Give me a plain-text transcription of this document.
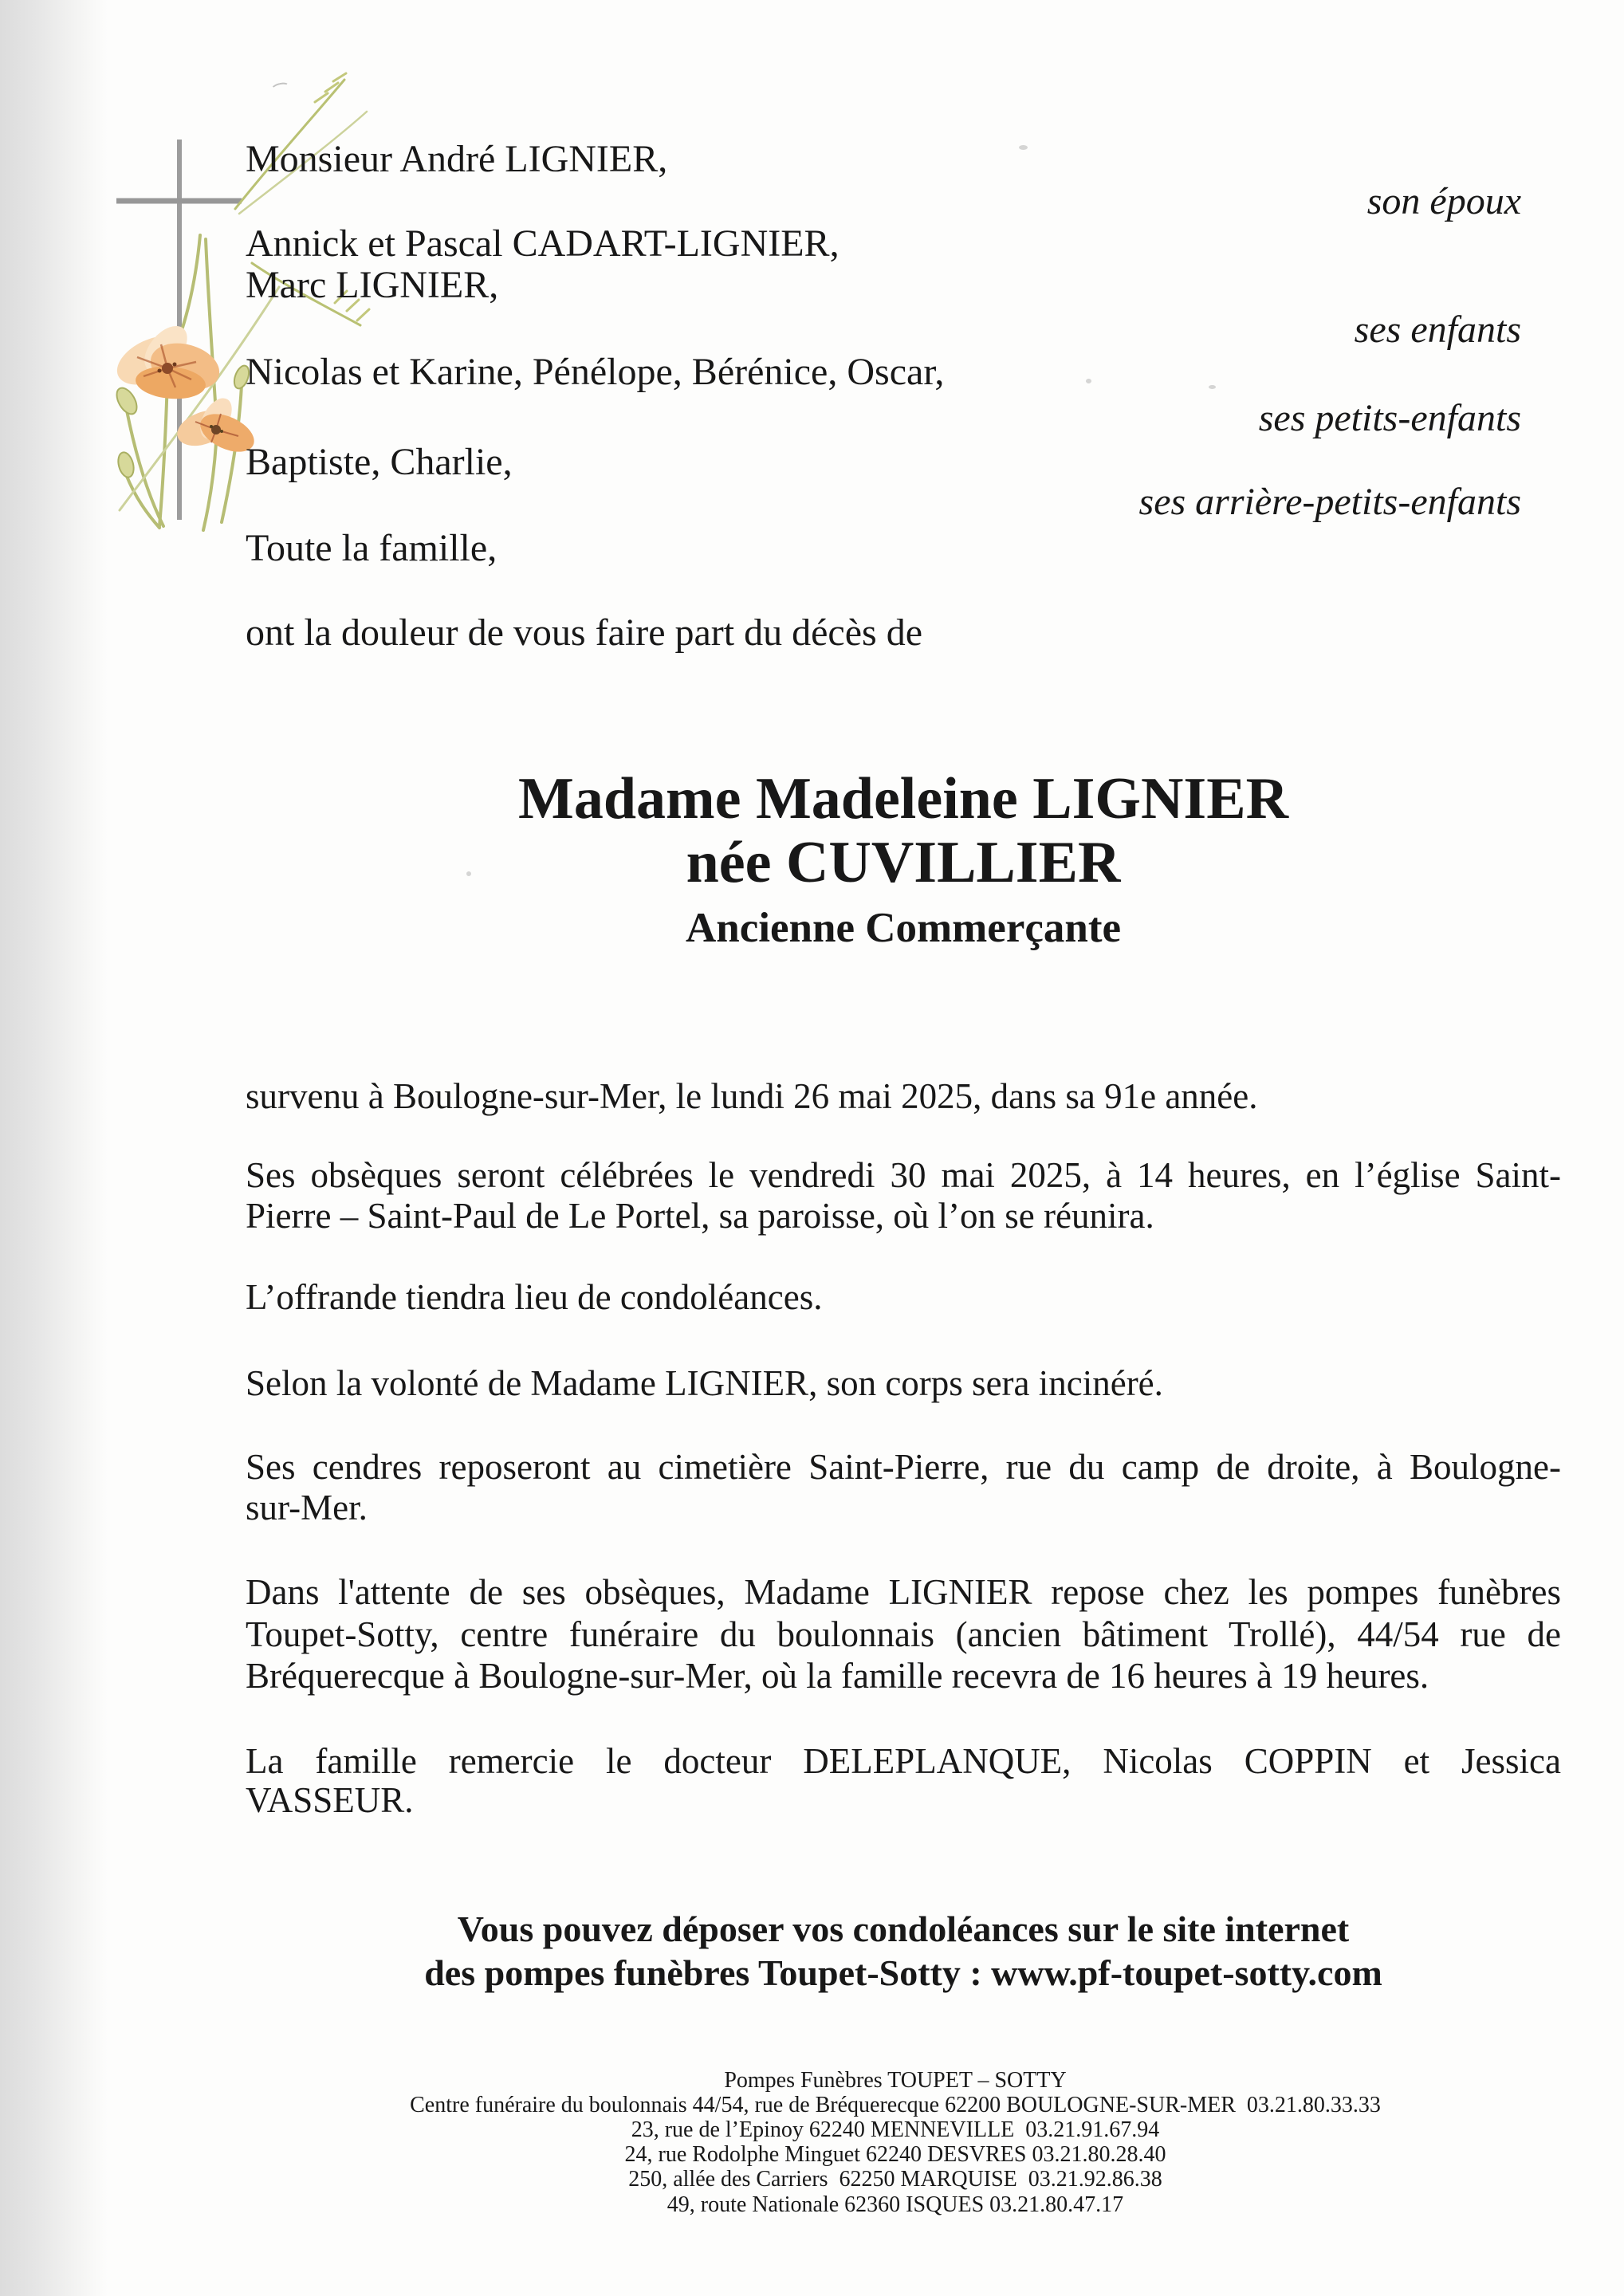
Monsieur André LIGNIER,
Annick et Pascal CADART-LIGNIER,
Marc LIGNIER,
Nicolas et Karine, Pénélope, Bérénice, Oscar,
Baptiste, Charlie,
Toute la famille,
ont la douleur de vous faire part du décès de
son époux
ses enfants
ses petits-enfants
ses arrière-petits-enfants
Madame Madeleine LIGNIER
née CUVILLIER
Ancienne Commerçante
survenu à Boulogne-sur-Mer, le lundi 26 mai 2025, dans sa 91e année.
Ses obsèques seront célébrées le vendredi 30 mai 2025, à 14 heures, en l’église Saint-
Pierre – Saint-Paul de Le Portel, sa paroisse, où l’on se réunira.
L’offrande tiendra lieu de condoléances.
Selon la volonté de Madame LIGNIER, son corps sera incinéré.
Ses cendres reposeront au cimetière Saint-Pierre, rue du camp de droite, à Boulogne-
sur-Mer.
Dans l'attente de ses obsèques, Madame LIGNIER repose chez les pompes funèbres
Toupet-Sotty, centre funéraire du boulonnais (ancien bâtiment Trollé), 44/54 rue de
Bréquerecque à Boulogne-sur-Mer, où la famille recevra de 16 heures à 19 heures.
La famille remercie le docteur DELEPLANQUE, Nicolas COPPIN et Jessica
VASSEUR.
Vous pouvez déposer vos condoléances sur le site internet
des pompes funèbres Toupet-Sotty : www.pf-toupet-sotty.com
Pompes Funèbres TOUPET – SOTTY
Centre funéraire du boulonnais 44/54, rue de Bréquerecque 62200 BOULOGNE-SUR-MER  03.21.80.33.33
23, rue de l’Epinoy 62240 MENNEVILLE  03.21.91.67.94
24, rue Rodolphe Minguet 62240 DESVRES 03.21.80.28.40
250, allée des Carriers  62250 MARQUISE  03.21.92.86.38
49, route Nationale 62360 ISQUES 03.21.80.47.17
